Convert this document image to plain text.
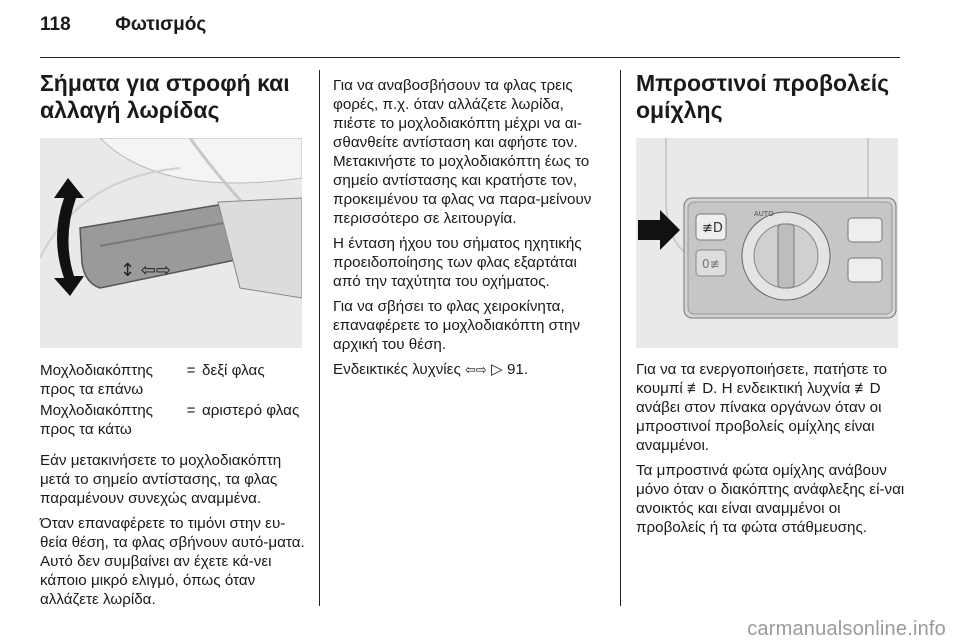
118 Φωτισμός
Σήματα για στροφή και αλλαγή λωρίδας
↕ ⇦⇨
Μοχλοδιακόπτης προς τα επάνω
= δεξί φλας
Μοχλοδιακόπτης προς τα κάτω
= αριστερό φλας

Εάν μετακινήσετε το μοχλοδιακόπτη μετά το σημείο αντίστασης, τα φλας παραμένουν συνεχώς αναμμένα.

Όταν επαναφέρετε το τιμόνι στην ευ-θεία θέση, τα φλας σβήνουν αυτό-ματα. Αυτό δεν συμβαίνει αν έχετε κά-νει κάποιο μικρό ελιγμό, όπως όταν αλλάζετε λωρίδα.

Για να αναβοσβήσουν τα φλας τρεις φορές, π.χ. όταν αλλάζετε λωρίδα, πιέστε το μοχλοδιακόπτη μέχρι να αι-σθανθείτε αντίσταση και αφήστε τον. Μετακινήστε το μοχλοδιακόπτη έως το σημείο αντίστασης και κρατήστε τον, προκειμένου τα φλας να παρα-μείνουν περισσότερο σε λειτουργία.

Η ένταση ήχου του σήματος ηχητικής προειδοποίησης των φλας εξαρτάται από την ταχύτητα του οχήματος.

Για να σβήσει το φλας χειροκίνητα, επαναφέρετε το μοχλοδιακόπτη στην αρχική του θέση.

Ενδεικτικές λυχνίες ⇦⇨ ▷ 91.

Μπροστινοί προβολείς ομίχλης
AUTO
≢D
0≢

Για να τα ενεργοποιήσετε, πατήστε το κουμπί ≢D. Η ενδεικτική λυχνία ≢D ανάβει στον πίνακα οργάνων όταν οι μπροστινοί προβολείς ομίχλης είναι αναμμένοι.

Τα μπροστινά φώτα ομίχλης ανάβουν μόνο όταν ο διακόπτης ανάφλεξης εί-ναι ανοικτός και είναι αναμμένοι οι προβολείς ή τα φώτα στάθμευσης.

carmanualsonline.info
